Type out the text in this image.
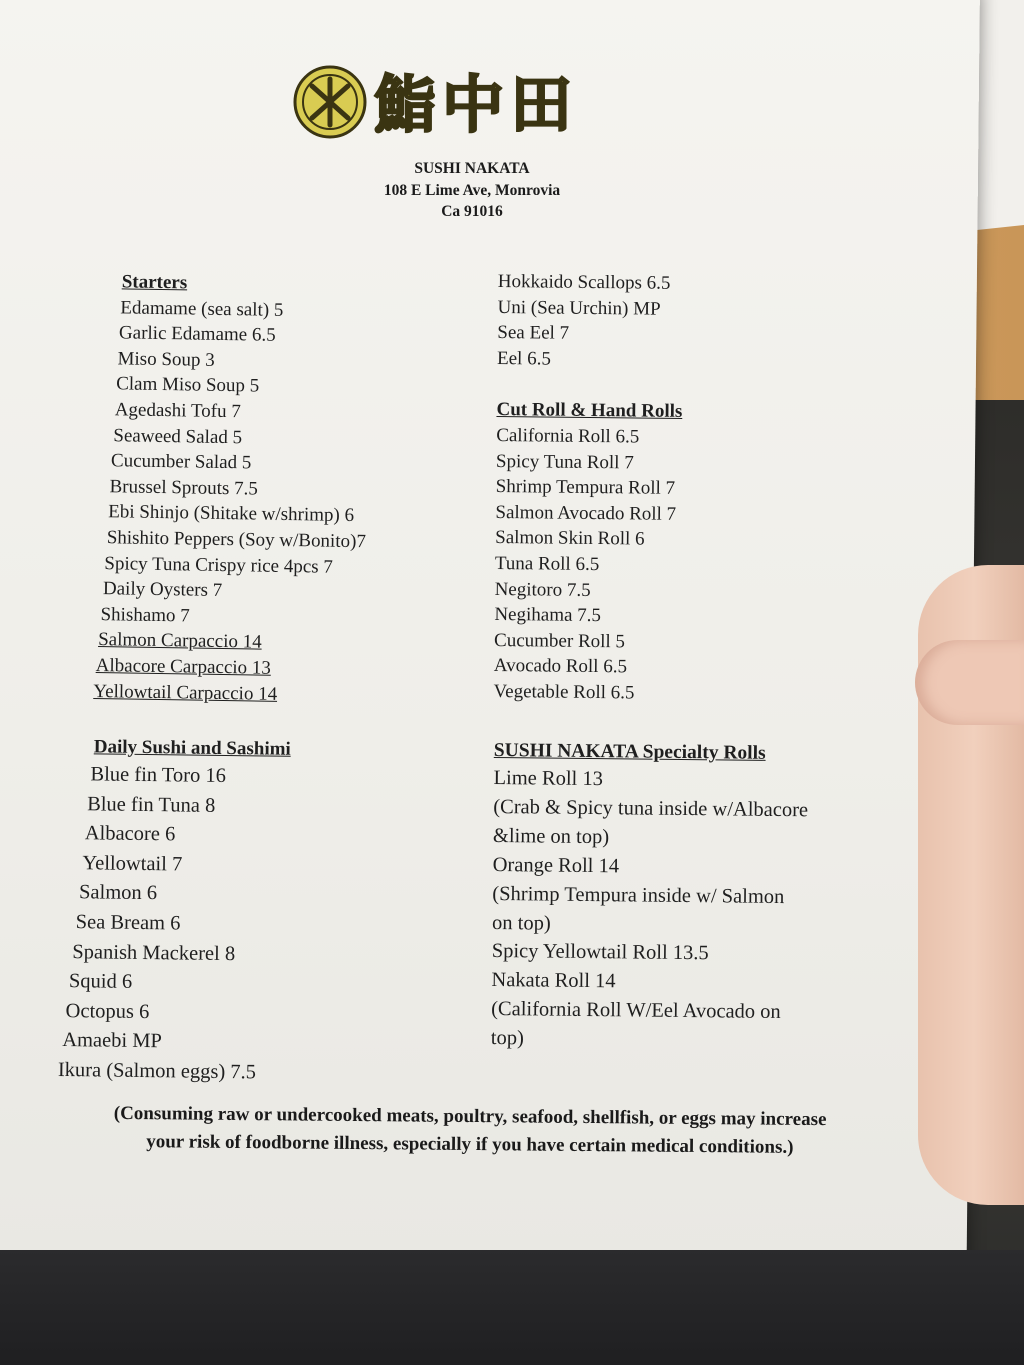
鮨中田
SUSHI NAKATA
108 E Lime Ave, Monrovia
Ca 91016
Starters
Edamame (sea salt) 5
Garlic Edamame 6.5
Miso Soup 3
Clam Miso Soup 5
Agedashi Tofu 7
Seaweed Salad 5
Cucumber Salad 5
Brussel Sprouts 7.5
Ebi Shinjo (Shitake w/shrimp) 6
Shishito Peppers (Soy w/Bonito)7
Spicy Tuna Crispy rice 4pcs 7
Daily Oysters 7
Shishamo 7
Salmon Carpaccio 14
Albacore Carpaccio 13
Yellowtail Carpaccio 14
Daily Sushi and Sashimi
Blue fin Toro 16
Blue fin Tuna 8
Albacore 6
Yellowtail 7
Salmon 6
Sea Bream 6
Spanish Mackerel 8
Squid 6
Octopus 6
Amaebi MP
Ikura (Salmon eggs) 7.5
Hokkaido Scallops 6.5
Uni (Sea Urchin) MP
Sea Eel 7
Eel 6.5
Cut Roll & Hand Rolls
California Roll 6.5
Spicy Tuna Roll 7
Shrimp Tempura Roll 7
Salmon Avocado Roll 7
Salmon Skin Roll 6
Tuna Roll 6.5
Negitoro 7.5
Negihama 7.5
Cucumber Roll 5
Avocado Roll 6.5
Vegetable Roll 6.5
SUSHI NAKATA Specialty Rolls
Lime Roll 13
(Crab & Spicy tuna inside w/Albacore
&lime on top)
Orange Roll 14
(Shrimp Tempura inside w/ Salmon
on top)
Spicy Yellowtail Roll 13.5
Nakata Roll 14
(California Roll W/Eel Avocado on
top)
(Consuming raw or undercooked meats, poultry, seafood, shellfish, or eggs may increase
your risk of foodborne illness, especially if you have certain medical conditions.)
